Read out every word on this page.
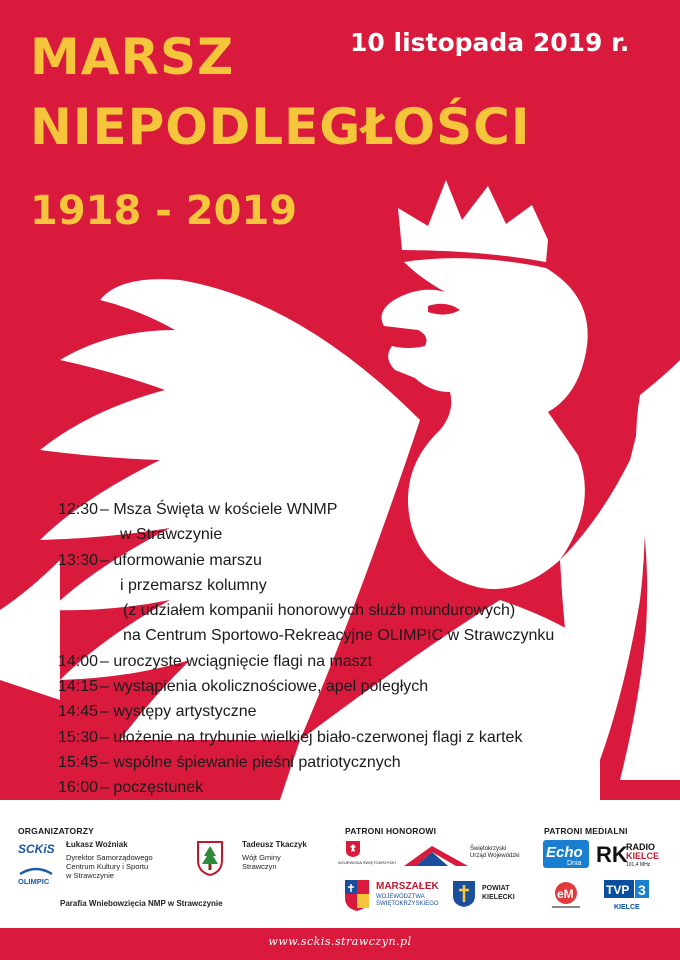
MARSZ
NIEPODLEGŁOŚCI
10 listopada 2019 r.
1918 - 2019
12:30 – Msza Święta w kościele WNMP
w Strawczynie
13:30 – uformowanie marszu
i przemarsz kolumny
(z udziałem kompanii honorowych służb mundurowych)
na Centrum Sportowo-Rekreacyjne OLIMPIC w Strawczynku
14:00 – uroczyste wciągnięcie flagi na maszt
14:15 – wystąpienia okolicznościowe, apel poległych
14:45 – występy artystyczne
15:30 – ułożenie na trybunie wielkiej biało-czerwonej flagi z kartek
15:45 – wspólne śpiewanie pieśni patriotycznych
16:00 – poczęstunek
ORGANIZATORZY
SCKiS
OLIMPIC
Łukasz Woźniak
Dyrektor Samorządowego
Centrum Kultury i Sportu
w Strawczynie
Tadeusz Tkaczyk
Wójt Gminy
Strawczyn
Parafia Wniebowzięcia NMP w Strawczynie
PATRONI HONOROWI
WOJEWODA ŚWIĘTOKRZYSKI
Świętokrzyski
Urząd Wojewódzki
MARSZAŁEK
WOJEWÓDZTWA
ŚWIĘTOKRZYSKIEGO
POWIAT
KIELECKI
PATRONI MEDIALNI
Echo
Dnia RK
RADIO
KIELCE
101,4 MHz
eM	TVP 3
KIELCE
www.sckis.strawczyn.pl
